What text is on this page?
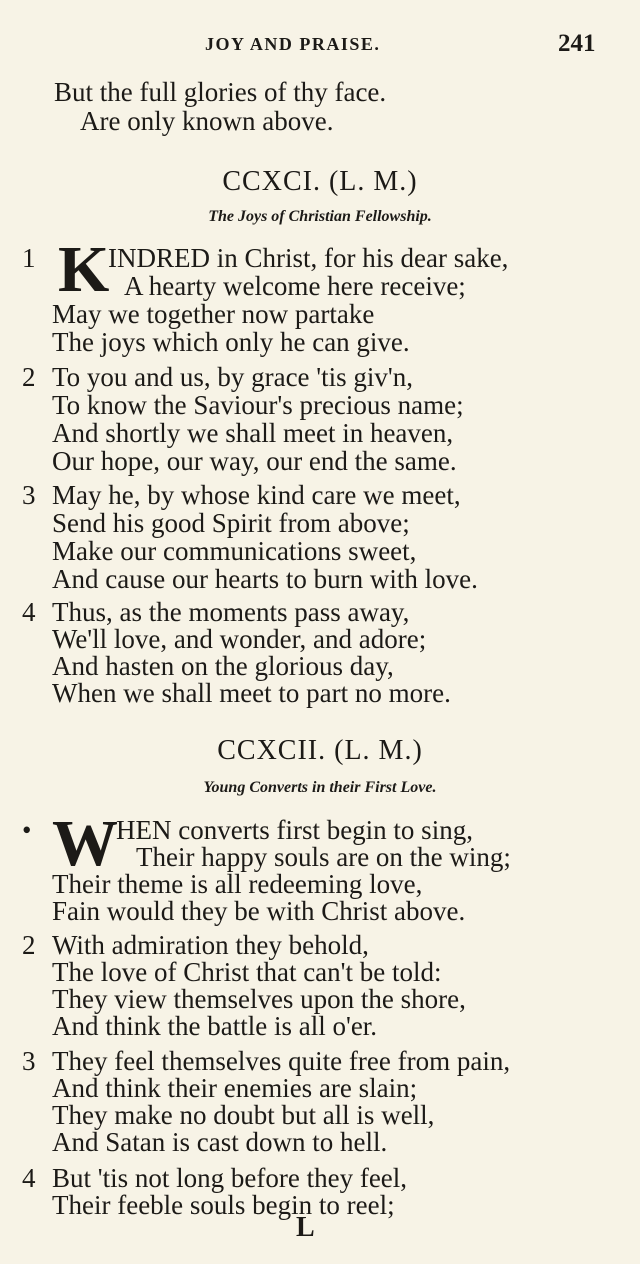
JOY AND PRAISE.	241
But the full glories of thy face.
Are only known above.
CCXCI. (L. M.)
The Joys of Christian Fellowship.
1 K
INDRED in Christ, for his dear sake,
A hearty welcome here receive;
May we together now partake
The joys which only he can give.
2 To you and us, by grace 'tis giv'n,
To know the Saviour's precious name;
And shortly we shall meet in heaven,
Our hope, our way, our end the same.
3 May he, by whose kind care we meet,
Send his good Spirit from above;
Make our communications sweet,
And cause our hearts to burn with love.
4 Thus, as the moments pass away,
We'll love, and wonder, and adore;
And hasten on the glorious day,
When we shall meet to part no more.
CCXCII. (L. M.)
Young Converts in their First Love.
• W
HEN converts first begin to sing,
Their happy souls are on the wing;
Their theme is all redeeming love,
Fain would they be with Christ above.
2 With admiration they behold,
The love of Christ that can't be told:
They view themselves upon the shore,
And think the battle is all o'er.
3 They feel themselves quite free from pain,
And think their enemies are slain;
They make no doubt but all is well,
And Satan is cast down to hell.
4 But 'tis not long before they feel,
Their feeble souls begin to reel;
L
